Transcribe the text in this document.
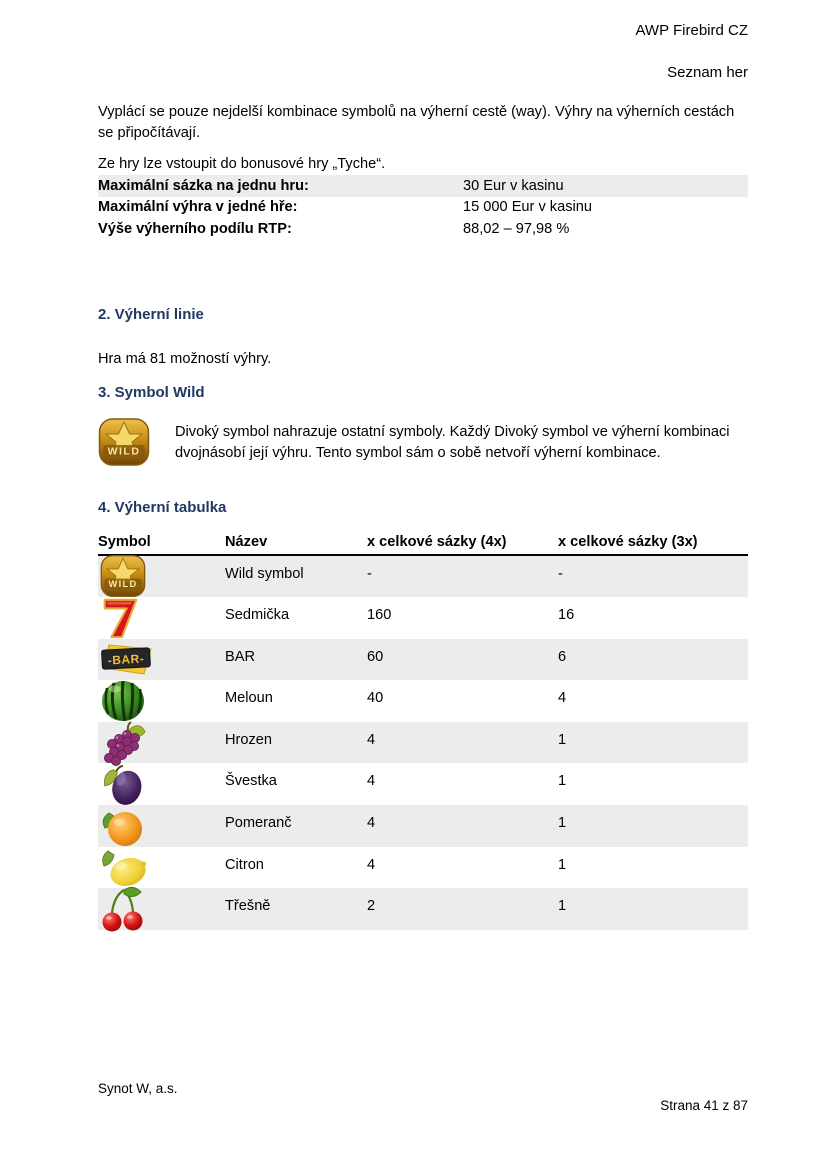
AWP Firebird CZ
Seznam her

Vyplácí se pouze nejdelší kombinace symbolů na výherní cestě (way). Výhry na výherních cestách se připočítávají.

Ze hry lze vstoupit do bonusové hry „Tyche“.

Maximální sázka na jednu hru:	30 Eur v kasinu
Maximální výhra v jedné hře:	15 000 Eur v kasinu
Výše výherního podílu RTP:	88,02 – 97,98 %
2. Výherní linie

Hra má 81 možností výhry.

3. Symbol Wild
WILD

Divoký symbol nahrazuje ostatní symboly. Každý Divoký symbol ve výherní kombinaci dvojnásobí její výhru. Tento symbol sám o sobě netvoří výherní kombinace.

4. Výherní tabulka
Symbol	Název	x celkové sázky (4x)	x celkové sázky (3x)
WILD
Wild symbol	-	-
Sedmička	160	16
-BAR-	BAR	60	6
Meloun	40	4
Hrozen	4	1
Švestka	4	1
Pomeranč	4	1
Citron	4	1
Třešně	2	1
Synot W, a.s.
Strana 41 z 87
